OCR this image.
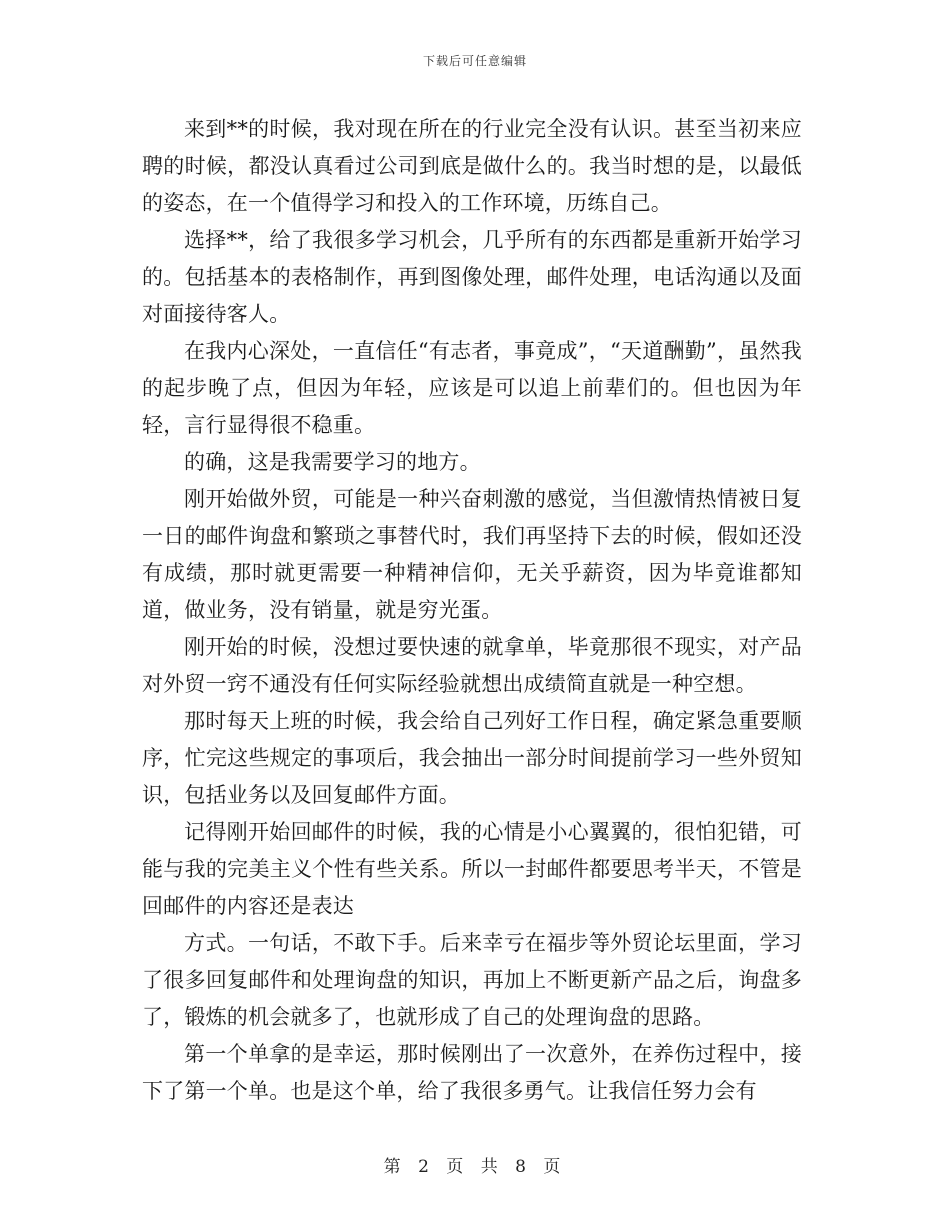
下载后可任意编辑

来到**的时候，我对现在所在的行业完全没有认识。甚至当初来应聘的时候，都没认真看过公司到底是做什么的。我当时想的是，以最低的姿态，在一个值得学习和投入的工作环境，历练自己。

选择**，给了我很多学习机会，几乎所有的东西都是重新开始学习的。包括基本的表格制作，再到图像处理，邮件处理，电话沟通以及面对面接待客人。

在我内心深处，一直信任“有志者，事竟成”，“天道酬勤”，虽然我的起步晚了点，但因为年轻，应该是可以追上前辈们的。但也因为年轻，言行显得很不稳重。

的确，这是我需要学习的地方。

刚开始做外贸，可能是一种兴奋刺激的感觉，当但激情热情被日复一日的邮件询盘和繁琐之事替代时，我们再坚持下去的时候，假如还没有成绩，那时就更需要一种精神信仰，无关乎薪资，因为毕竟谁都知道，做业务，没有销量，就是穷光蛋。

刚开始的时候，没想过要快速的就拿单，毕竟那很不现实，对产品对外贸一窍不通没有任何实际经验就想出成绩简直就是一种空想。

那时每天上班的时候，我会给自己列好工作日程，确定紧急重要顺序，忙完这些规定的事项后，我会抽出一部分时间提前学习一些外贸知识，包括业务以及回复邮件方面。

记得刚开始回邮件的时候，我的心情是小心翼翼的，很怕犯错，可能与我的完美主义个性有些关系。所以一封邮件都要思考半天，不管是回邮件的内容还是表达

方式。一句话，不敢下手。后来幸亏在福步等外贸论坛里面，学习了很多回复邮件和处理询盘的知识，再加上不断更新产品之后，询盘多了，锻炼的机会就多了，也就形成了自己的处理询盘的思路。

第一个单拿的是幸运，那时候刚出了一次意外，在养伤过程中，接下了第一个单。也是这个单，给了我很多勇气。让我信任努力会有

第 2 页 共 8 页
